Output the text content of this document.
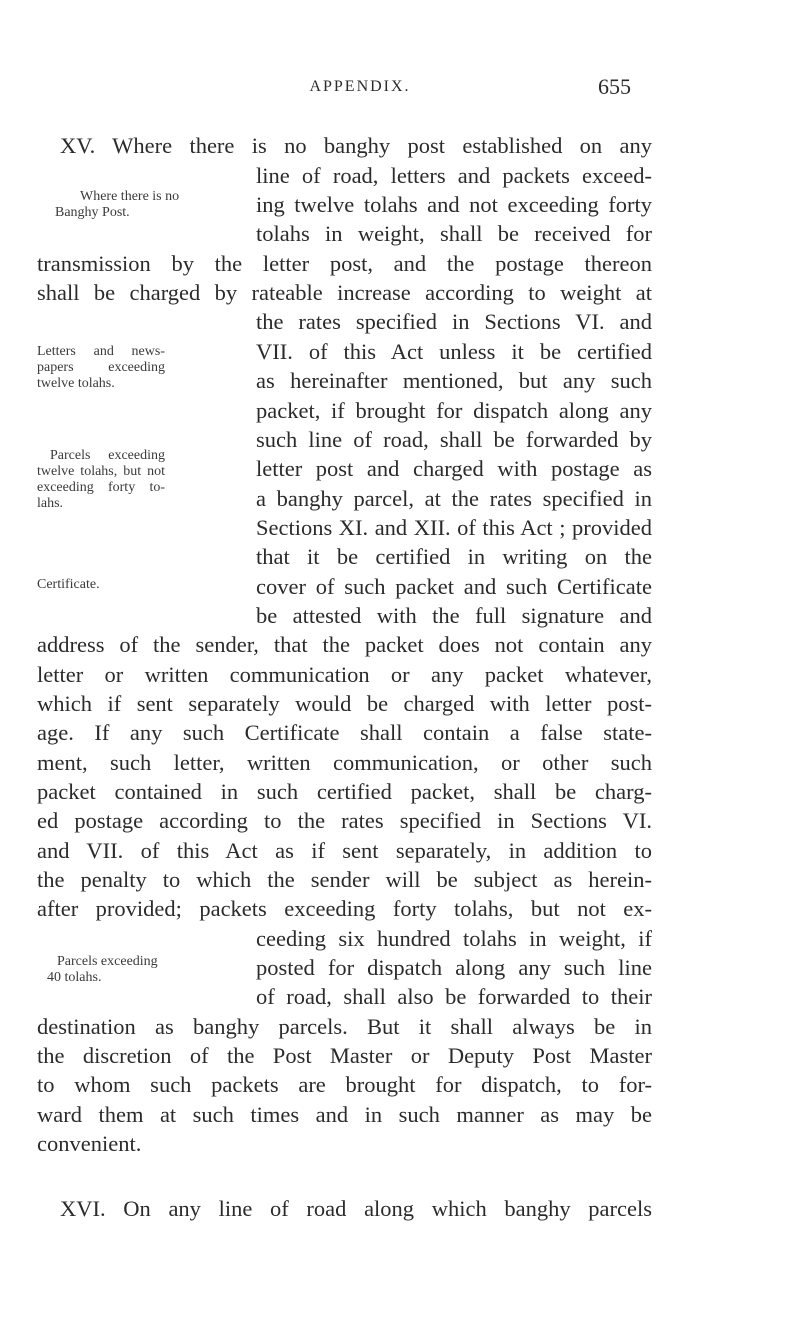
APPENDIX.	655
XV. Where there is no banghy post established on any
line of road, letters and packets exceed-
ing twelve tolahs and not exceeding forty
tolahs in weight, shall be received for
transmission by the letter post, and the postage thereon
shall be charged by rateable increase according to weight at
the rates specified in Sections VI. and
VII. of this Act unless it be certified
as hereinafter mentioned, but any such
packet, if brought for dispatch along any
such line of road, shall be forwarded by
letter post and charged with postage as
a banghy parcel, at the rates specified in
Sections XI. and XII. of this Act ; provided
that it be certified in writing on the
cover of such packet and such Certificate
be attested with the full signature and
address of the sender, that the packet does not contain any
letter or written communication or any packet whatever,
which if sent separately would be charged with letter post-
age. If any such Certificate shall contain a false state-
ment, such letter, written communication, or other such
packet contained in such certified packet, shall be charg-
ed postage according to the rates specified in Sections VI.
and VII. of this Act as if sent separately, in addition to
the penalty to which the sender will be subject as herein-
after provided; packets exceeding forty tolahs, but not ex-
ceeding six hundred tolahs in weight, if
posted for dispatch along any such line
of road, shall also be forwarded to their
destination as banghy parcels. But it shall always be in
the discretion of the Post Master or Deputy Post Master
to whom such packets are brought for dispatch, to for-
ward them at such times and in such manner as may be
convenient.
XVI. On any line of road along which banghy parcels
Where there is no
Banghy Post.
Letters and news-
papers exceeding
twelve tolahs.
Parcels exceeding
twelve tolahs, but not
exceeding forty to-
lahs.
Certificate.
Parcels exceeding
40 tolahs.
